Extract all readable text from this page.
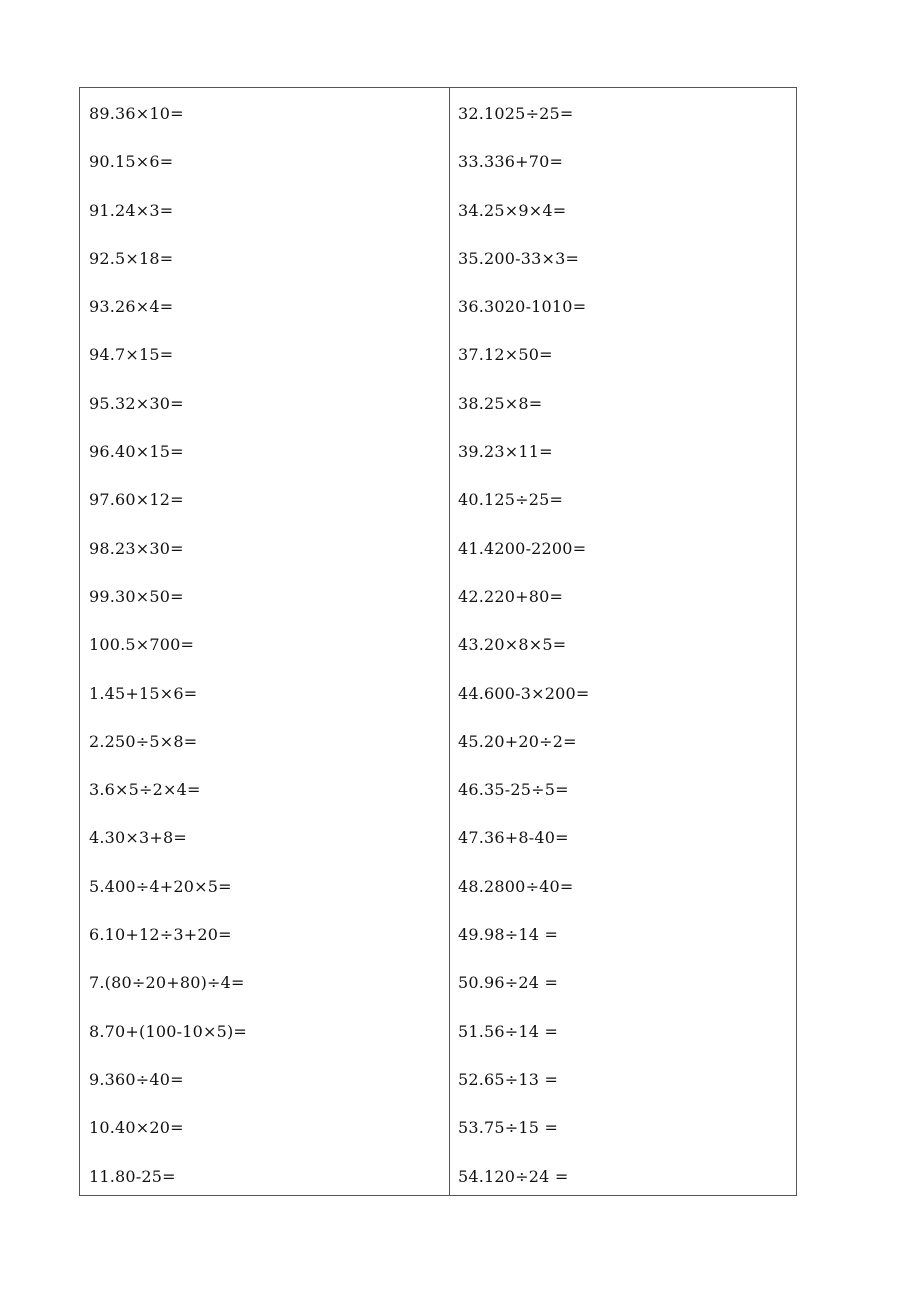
89.36×10=
90.15×6=
91.24×3=
92.5×18=
93.26×4=
94.7×15=
95.32×30=
96.40×15=
97.60×12=
98.23×30=
99.30×50=
100.5×700=
1.45+15×6=
2.250÷5×8=
3.6×5÷2×4=
4.30×3+8=
5.400÷4+20×5=
6.10+12÷3+20=
7.(80÷20+80)÷4=
8.70+(100-10×5)=
9.360÷40=
10.40×20=
11.80-25=
32.1025÷25=
33.336+70=
34.25×9×4=
35.200-33×3=
36.3020-1010=
37.12×50=
38.25×8=
39.23×11=
40.125÷25=
41.4200-2200=
42.220+80=
43.20×8×5=
44.600-3×200=
45.20+20÷2=
46.35-25÷5=
47.36+8-40=
48.2800÷40=
49.98÷14 =
50.96÷24 =
51.56÷14 =
52.65÷13 =
53.75÷15 =
54.120÷24 =
